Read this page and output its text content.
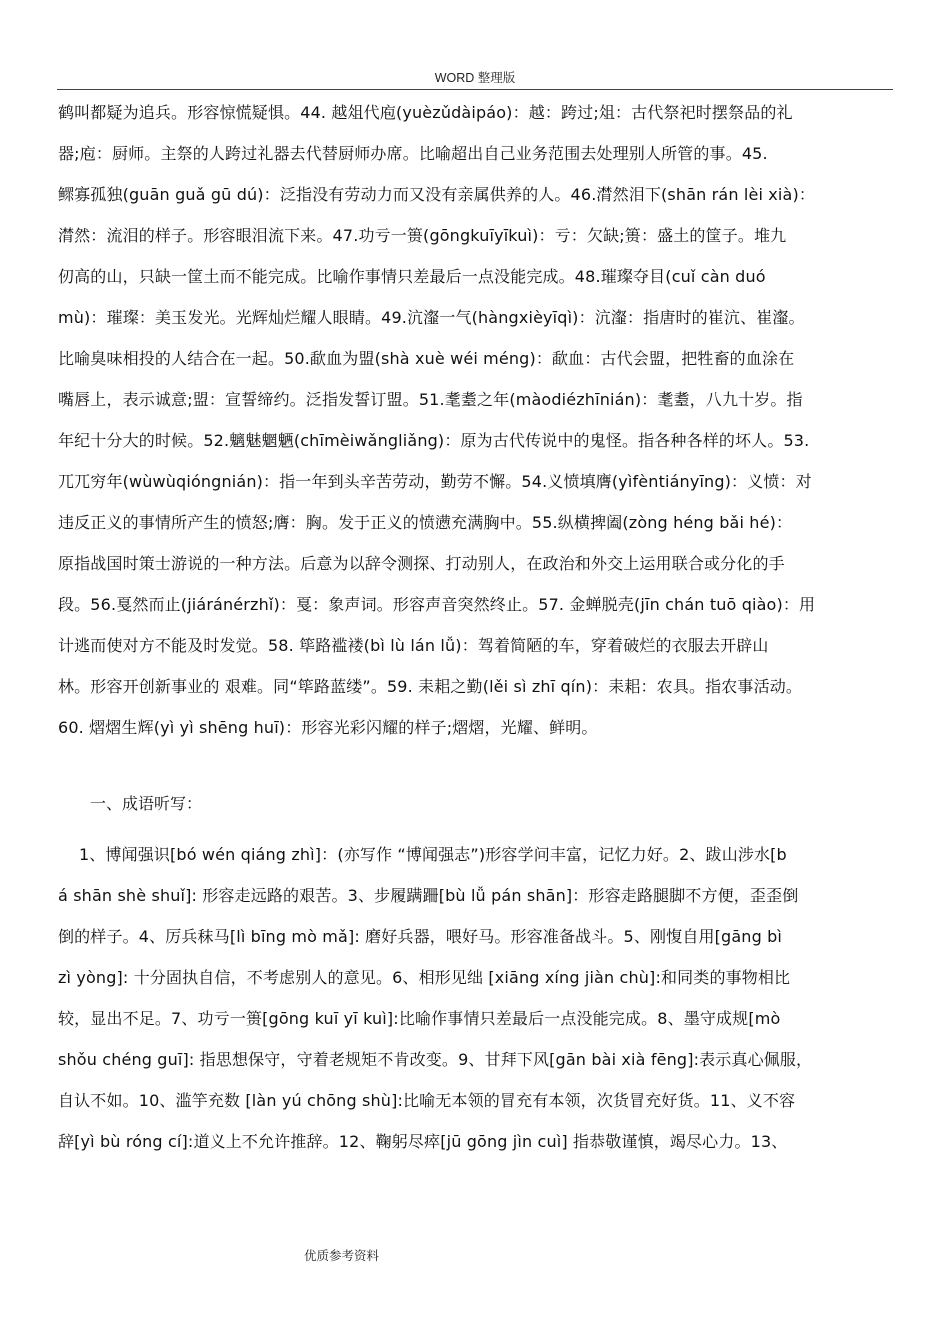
WORD 整理版
鹤叫都疑为追兵。形容惊慌疑惧。44. 越俎代庖(yuèzǔdàipáo)：越：跨过;俎：古代祭祀时摆祭品的礼
器;庖：厨师。主祭的人跨过礼器去代替厨师办席。比喻超出自己业务范围去处理别人所管的事。45.
鳏寡孤独(guān guǎ gū dú)：泛指没有劳动力而又没有亲属供养的人。46.潸然泪下(shān rán lèi xià)：
潸然：流泪的样子。形容眼泪流下来。47.功亏一篑(gōngkuīyīkuì)：亏：欠缺;篑：盛土的筐子。堆九
仞高的山，只缺一筐土而不能完成。比喻作事情只差最后一点没能完成。48.璀璨夺目(cuǐ càn duó
mù)：璀璨：美玉发光。光辉灿烂耀人眼睛。49.沆瀣一气(hàngxièyīqì)：沆瀣：指唐时的崔沆、崔瀣。
比喻臭味相投的人结合在一起。50.歃血为盟(shà xuè wéi méng)：歃血：古代会盟，把牲畜的血涂在
嘴唇上，表示诚意;盟：宣誓缔约。泛指发誓订盟。51.耄耋之年(màodiézhīnián)：耄耋，八九十岁。指
年纪十分大的时候。52.魑魅魍魉(chīmèiwǎngliǎng)：原为古代传说中的鬼怪。指各种各样的坏人。53.
兀兀穷年(wùwùqióngnián)：指一年到头辛苦劳动，勤劳不懈。54.义愤填膺(yìfèntiányīng)：义愤：对
违反正义的事情所产生的愤怒;膺：胸。发于正义的愤懑充满胸中。55.纵横捭阖(zòng héng bǎi hé)：
原指战国时策士游说的一种方法。后意为以辞令测探、打动别人，在政治和外交上运用联合或分化的手
段。56.戛然而止(jiáránérzhǐ)：戛：象声词。形容声音突然终止。57. 金蝉脱壳(jīn chán tuō qiào)：用
计逃而使对方不能及时发觉。58. 筚路褴褛(bì lù lán lǚ)：驾着简陋的车，穿着破烂的衣服去开辟山
林。形容开创新事业的 艰难。同“筚路蓝缕”。59. 耒耜之勤(lěi sì zhī qín)：耒耜：农具。指农事活动。
60. 熠熠生辉(yì yì shēng huī)：形容光彩闪耀的样子;熠熠，光耀、鲜明。
一、成语听写：
1、博闻强识[bó wén qiáng zhì]：(亦写作 “博闻强志”)形容学问丰富，记忆力好。2、跋山涉水[b
á shān shè shuǐ]: 形容走远路的艰苦。3、步履蹒跚[bù lǚ pán shān]：形容走路腿脚不方便，歪歪倒
倒的样子。4、厉兵秣马[lì bīng mò mǎ]: 磨好兵器，喂好马。形容准备战斗。5、刚愎自用[gāng bì
zì yòng]: 十分固执自信，不考虑别人的意见。6、相形见绌 [xiāng xíng jiàn chù]:和同类的事物相比
较，显出不足。7、功亏一篑[gōng kuī yī kuì]:比喻作事情只差最后一点没能完成。8、墨守成规[mò
shǒu chéng guī]: 指思想保守，守着老规矩不肯改变。9、甘拜下风[gān bài xià fēng]:表示真心佩服，
自认不如。10、滥竽充数 [làn yú chōng shù]:比喻无本领的冒充有本领，次货冒充好货。11、义不容
辞[yì bù róng cí]:道义上不允许推辞。12、鞠躬尽瘁[jū gōng jìn cuì] 指恭敬谨慎，竭尽心力。13、
优质参考资料
